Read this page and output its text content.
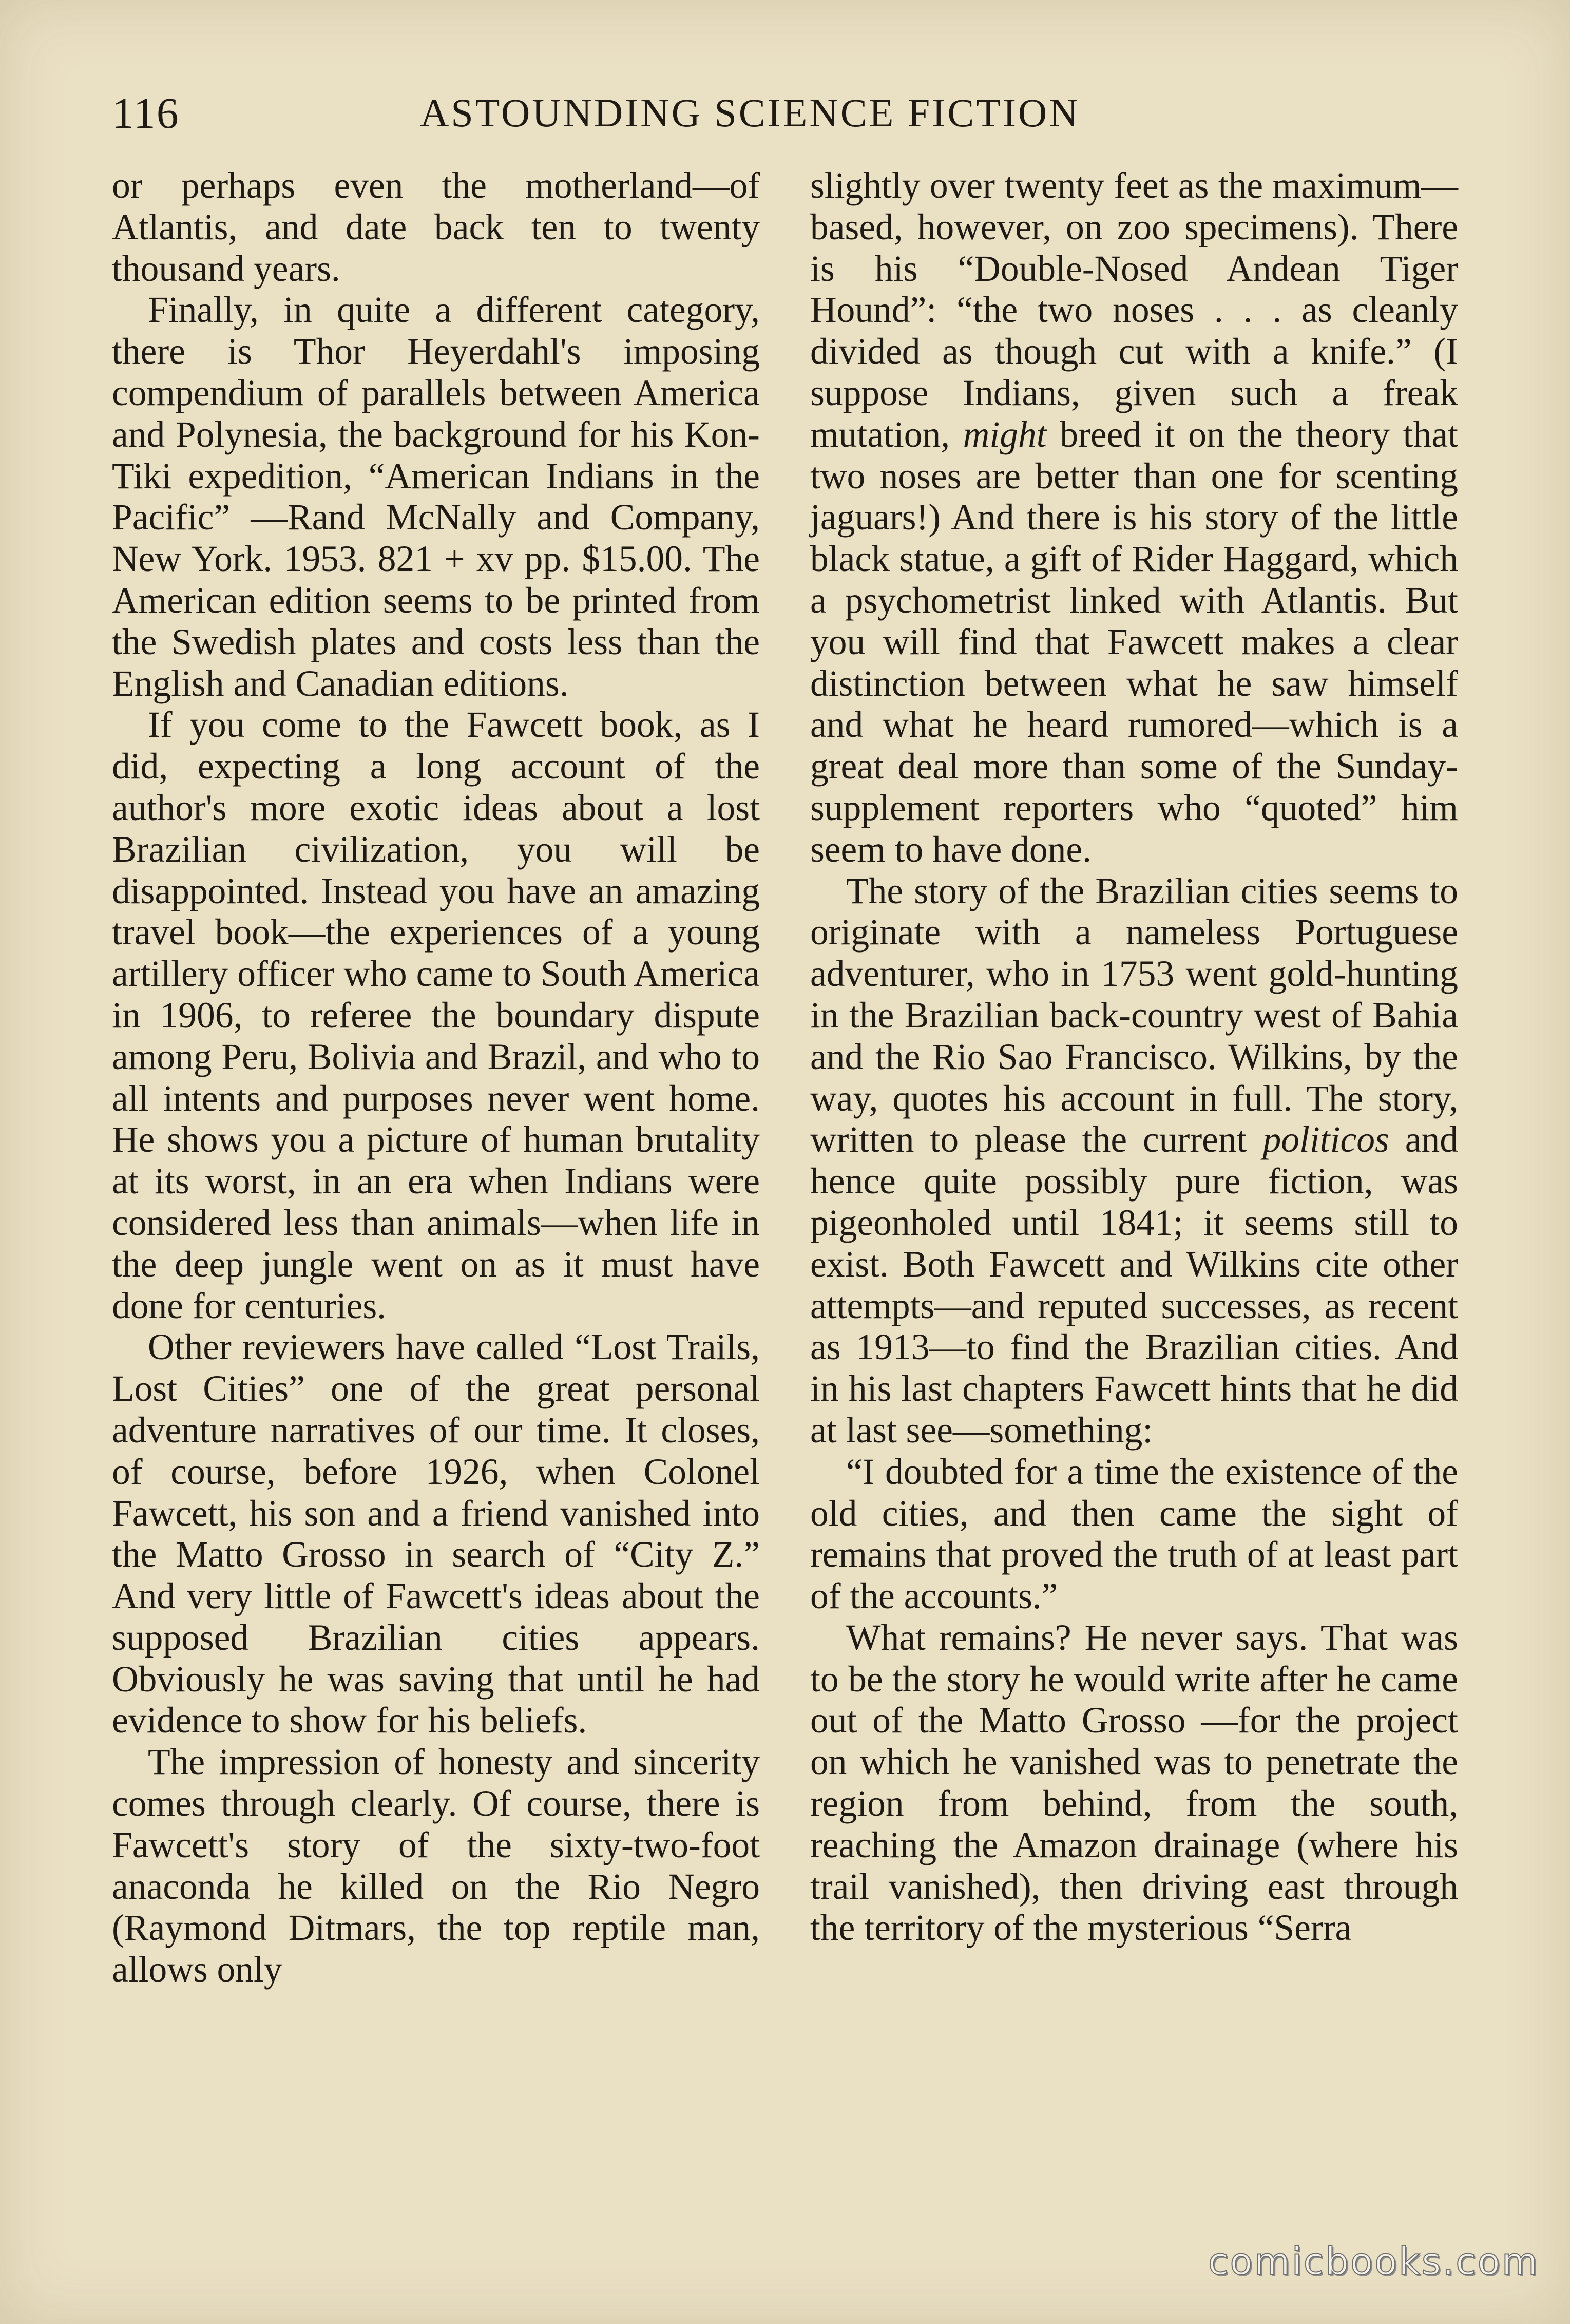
116	ASTOUNDING SCIENCE FICTION

or perhaps even the motherland—of Atlantis, and date back ten to twenty thousand years.

Finally, in quite a different category, there is Thor Heyerdahl's imposing compendium of parallels between America and Polynesia, the background for his Kon-Tiki expedition, “American Indians in the Pacific” —Rand McNally and Company, New York. 1953. 821 + xv pp. $15.00. The American edition seems to be printed from the Swedish plates and costs less than the English and Canadian editions.

If you come to the Fawcett book, as I did, expecting a long account of the author's more exotic ideas about a lost Brazilian civilization, you will be disappointed. Instead you have an amazing travel book—the experiences of a young artillery officer who came to South America in 1906, to referee the boundary dispute among Peru, Bolivia and Brazil, and who to all intents and purposes never went home. He shows you a picture of human brutality at its worst, in an era when Indians were considered less than animals—when life in the deep jungle went on as it must have done for centuries.

Other reviewers have called “Lost Trails, Lost Cities” one of the great personal adventure narratives of our time. It closes, of course, before 1926, when Colonel Fawcett, his son and a friend vanished into the Matto Grosso in search of “City Z.” And very little of Fawcett's ideas about the supposed Brazilian cities appears. Obviously he was saving that until he had evidence to show for his beliefs.

The impression of honesty and sincerity comes through clearly. Of course, there is Fawcett's story of the sixty-two-foot anaconda he killed on the Rio Negro (Raymond Ditmars, the top reptile man, allows only

slightly over twenty feet as the maximum—based, however, on zoo specimens). There is his “Double-Nosed Andean Tiger Hound”: “the two noses . . . as cleanly divided as though cut with a knife.” (I suppose Indians, given such a freak mutation, might breed it on the theory that two noses are better than one for scenting jaguars!) And there is his story of the little black statue, a gift of Rider Haggard, which a psychometrist linked with Atlantis. But you will find that Fawcett makes a clear distinction between what he saw himself and what he heard rumored—which is a great deal more than some of the Sunday-supplement reporters who “quoted” him seem to have done.

The story of the Brazilian cities seems to originate with a nameless Portuguese adventurer, who in 1753 went gold-hunting in the Brazilian back-country west of Bahia and the Rio Sao Francisco. Wilkins, by the way, quotes his account in full. The story, written to please the current politicos and hence quite possibly pure fiction, was pigeonholed until 1841; it seems still to exist. Both Fawcett and Wilkins cite other attempts—and reputed successes, as recent as 1913—to find the Brazilian cities. And in his last chapters Fawcett hints that he did at last see—something:

“I doubted for a time the existence of the old cities, and then came the sight of remains that proved the truth of at least part of the accounts.”

What remains? He never says. That was to be the story he would write after he came out of the Matto Grosso —for the project on which he vanished was to penetrate the region from behind, from the south, reaching the Amazon drainage (where his trail vanished), then driving east through the territory of the mysterious “Serra

comicbooks.com
